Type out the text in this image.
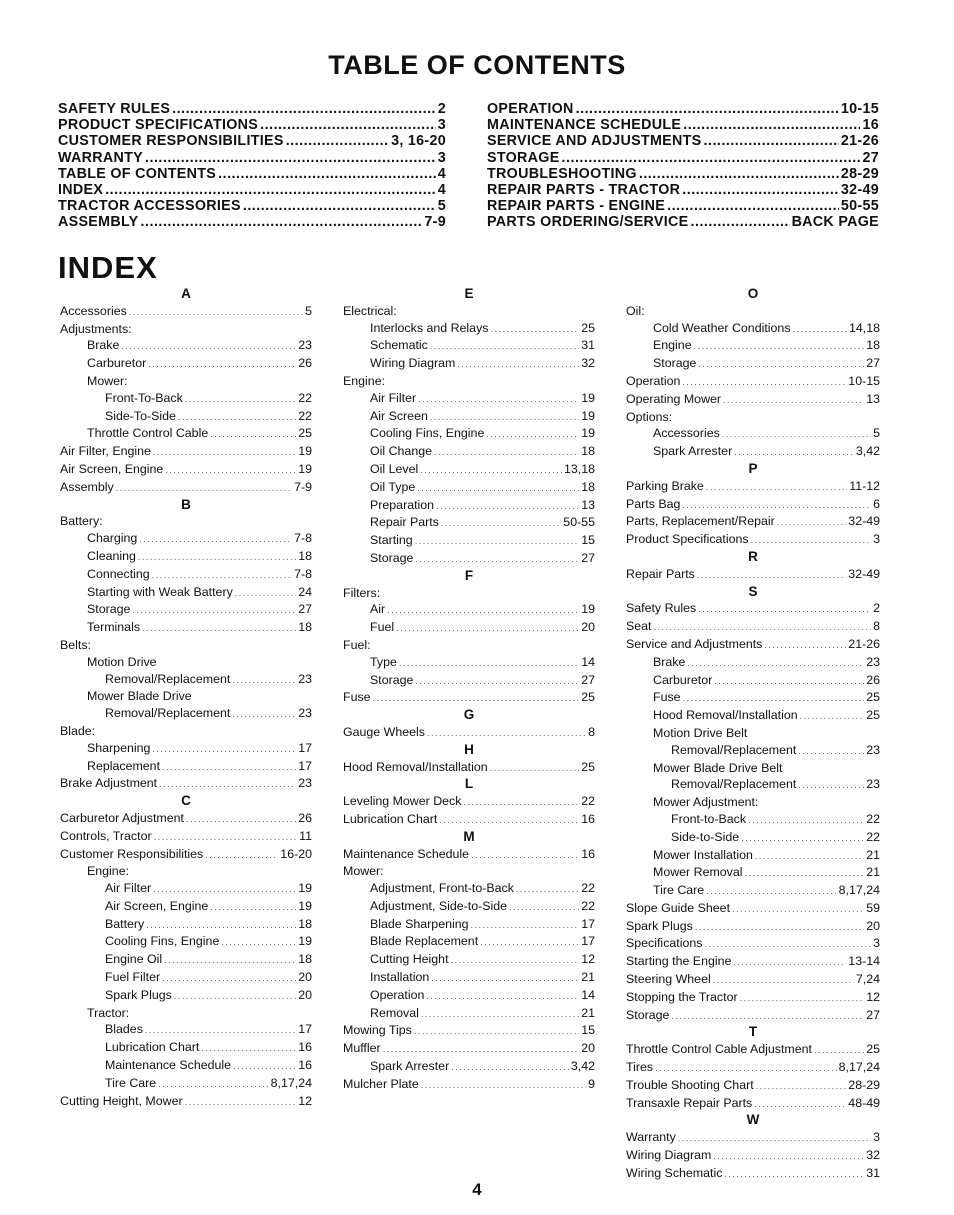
TABLE OF CONTENTS
SAFETY RULES .....	2
PRODUCT SPECIFICATIONS .....	3
CUSTOMER RESPONSIBILITIES .....	3, 16-20
WARRANTY .....	3
TABLE OF CONTENTS .....	4
INDEX .....	4
TRACTOR ACCESSORIES .....	5
ASSEMBLY .....	7-9
OPERATION .....	10-15
MAINTENANCE SCHEDULE .....	16
SERVICE AND ADJUSTMENTS .....	21-26
STORAGE .....	27
TROUBLESHOOTING .....	28-29
REPAIR PARTS - TRACTOR .....	32-49
REPAIR PARTS - ENGINE .....	50-55
PARTS ORDERING/SERVICE .....	BACK PAGE
INDEX
A
Accessories .....	5
Adjustments:
Brake .....	23
Carburetor .....	26
Mower:
Front-To-Back .....	22
Side-To-Side .....	22
Throttle Control Cable .....	25
Air Filter, Engine .....	19
Air Screen, Engine .....	19
Assembly .....	7-9
B
Battery:
Charging .....	7-8
Cleaning .....	18
Connecting .....	7-8
Starting with Weak Battery .....	24
Storage .....	27
Terminals .....	18
Belts:
Motion Drive
Removal/Replacement .....	23
Mower Blade Drive
Removal/Replacement .....	23
Blade:
Sharpening .....	17
Replacement .....	17
Brake Adjustment .....	23
C
Carburetor Adjustment .....	26
Controls, Tractor .....	11
Customer Responsibilities .....	16-20
Engine:
Air Filter .....	19
Air Screen, Engine .....	19
Battery .....	18
Cooling Fins, Engine .....	19
Engine Oil .....	18
Fuel Filter .....	20
Spark Plugs .....	20
Tractor:
Blades .....	17
Lubrication Chart .....	16
Maintenance Schedule .....	16
Tire Care .....	8,17,24
Cutting Height, Mower .....	12
E
Electrical:
Interlocks and Relays .....	25
Schematic .....	31
Wiring Diagram .....	32
Engine:
Air Filter .....	19
Air Screen .....	19
Cooling Fins, Engine .....	19
Oil Change .....	18
Oil Level .....	13,18
Oil Type .....	18
Preparation .....	13
Repair Parts .....	50-55
Starting .....	15
Storage .....	27
F
Filters:
Air .....	19
Fuel .....	20
Fuel:
Type .....	14
Storage .....	27
Fuse .....	25
G
Gauge Wheels .....	8
H
Hood Removal/Installation .....	25
L
Leveling Mower Deck .....	22
Lubrication Chart .....	16
M
Maintenance Schedule .....	16
Mower:
Adjustment, Front-to-Back .....	22
Adjustment, Side-to-Side .....	22
Blade Sharpening .....	17
Blade Replacement .....	17
Cutting Height .....	12
Installation .....	21
Operation .....	14
Removal .....	21
Mowing Tips .....	15
Muffler .....	20
Spark Arrester .....	3,42
Mulcher Plate .....	9
O
Oil:
Cold Weather Conditions .....	14,18
Engine .....	18
Storage .....	27
Operation .....	10-15
Operating Mower .....	13
Options:
Accessories .....	5
Spark Arrester .....	3,42
P
Parking Brake .....	11-12
Parts Bag .....	6
Parts, Replacement/Repair .....	32-49
Product Specifications .....	3
R
Repair Parts .....	32-49
S
Safety Rules .....	2
Seat .....	8
Service and Adjustments .....	21-26
Brake .....	23
Carburetor .....	26
Fuse .....	25
Hood Removal/Installation .....	25
Motion Drive Belt
Removal/Replacement .....	23
Mower Blade Drive Belt
Removal/Replacement .....	23
Mower Adjustment:
Front-to-Back .....	22
Side-to-Side .....	22
Mower Installation .....	21
Mower Removal .....	21
Tire Care .....	8,17,24
Slope Guide Sheet .....	59
Spark Plugs .....	20
Specifications .....	3
Starting the Engine .....	13-14
Steering Wheel .....	7,24
Stopping the Tractor .....	12
Storage .....	27
T
Throttle Control Cable Adjustment .....	25
Tires .....	8,17,24
Trouble Shooting Chart .....	28-29
Transaxle Repair Parts .....	48-49
W
Warranty .....	3
Wiring Diagram .....	32
Wiring Schematic .....	31
4
